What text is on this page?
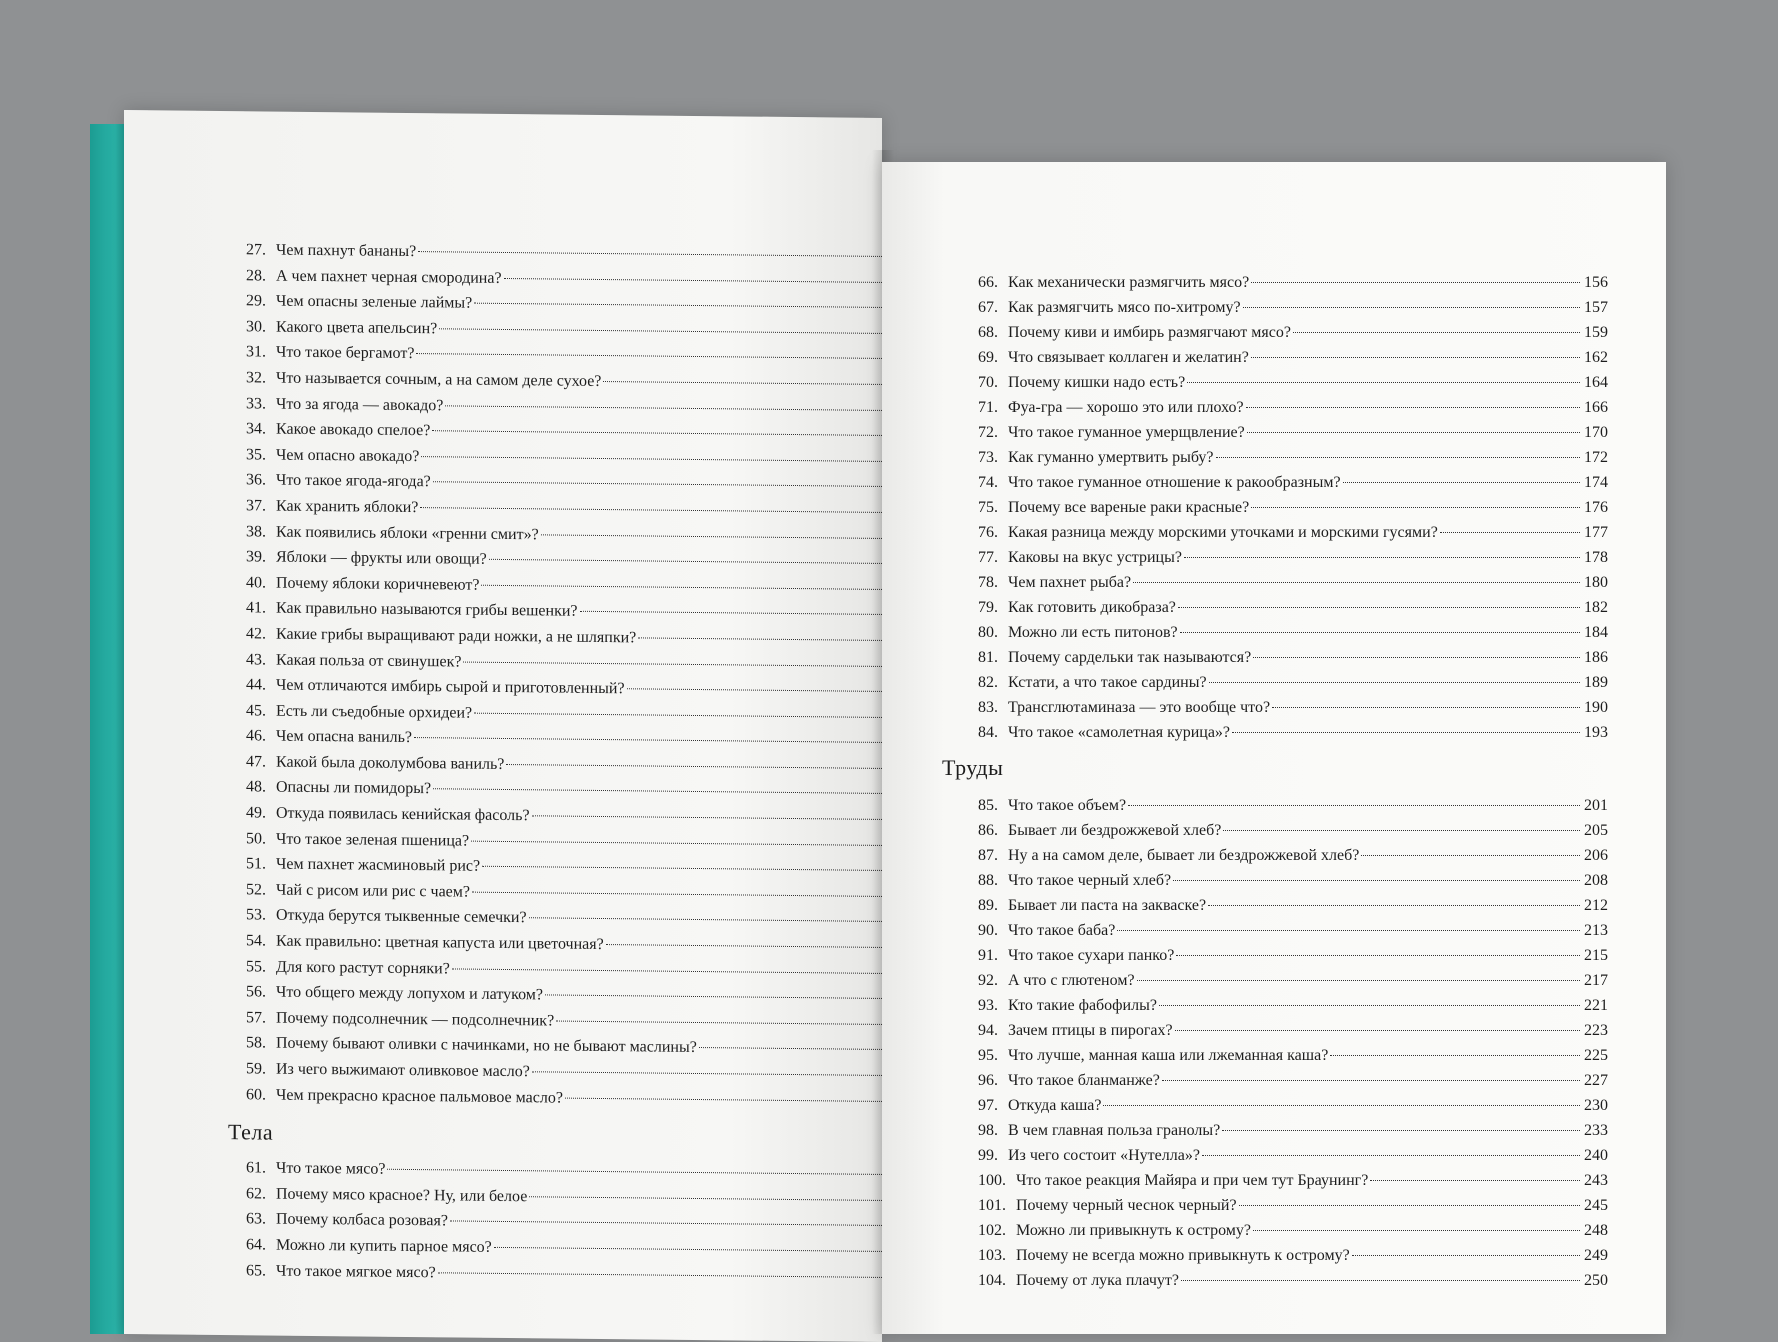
27. Чем пахнут бананы?
28. А чем пахнет черная смородина?
29. Чем опасны зеленые лаймы?
30. Какого цвета апельсин?
31. Что такое бергамот?
32. Что называется сочным, а на самом деле сухое?
33. Что за ягода — авокадо?
34. Какое авокадо спелое?
35. Чем опасно авокадо?
36. Что такое ягода-ягода?
37. Как хранить яблоки?
38. Как появились яблоки «гренни смит»?
39. Яблоки — фрукты или овощи?
40. Почему яблоки коричневеют?
41. Как правильно называются грибы вешенки?
42. Какие грибы выращивают ради ножки, а не шляпки?
43. Какая польза от свинушек?
44. Чем отличаются имбирь сырой и приготовленный?
45. Есть ли съедобные орхидеи?
46. Чем опасна ваниль?
47. Какой была доколумбова ваниль?
48. Опасны ли помидоры?
49. Откуда появилась кенийская фасоль?
50. Что такое зеленая пшеница?
51. Чем пахнет жасминовый рис?
52. Чай с рисом или рис с чаем?
53. Откуда берутся тыквенные семечки?
54. Как правильно: цветная капуста или цветочная?
55. Для кого растут сорняки?
56. Что общего между лопухом и латуком?
57. Почему подсолнечник — подсолнечник?
58. Почему бывают оливки с начинками, но не бывают маслины?
59. Из чего выжимают оливковое масло?
60. Чем прекрасно красное пальмовое масло?
Тела
61. Что такое мясо?
62. Почему мясо красное? Ну, или белое
63. Почему колбаса розовая?
64. Можно ли купить парное мясо?
65. Что такое мягкое мясо?
66. Как механически размягчить мясо?	156
67. Как размягчить мясо по-хитрому?	157
68. Почему киви и имбирь размягчают мясо?	159
69. Что связывает коллаген и желатин?	162
70. Почему кишки надо есть?	164
71. Фуа-гра — хорошо это или плохо?	166
72. Что такое гуманное умерщвление?	170
73. Как гуманно умертвить рыбу?	172
74. Что такое гуманное отношение к ракообразным?	174
75. Почему все вареные раки красные?	176
76. Какая разница между морскими уточками и морскими гусями?	177
77. Каковы на вкус устрицы?	178
78. Чем пахнет рыба?	180
79. Как готовить дикобраза?	182
80. Можно ли есть питонов?	184
81. Почему сардельки так называются?	186
82. Кстати, а что такое сардины?	189
83. Трансглютаминаза — это вообще что?	190
84. Что такое «самолетная курица»?	193
Труды
85. Что такое объем?	201
86. Бывает ли бездрожжевой хлеб?	205
87. Ну а на самом деле, бывает ли бездрожжевой хлеб?	206
88. Что такое черный хлеб?	208
89. Бывает ли паста на закваске?	212
90. Что такое баба?	213
91. Что такое сухари панко?	215
92. А что с глютеном?	217
93. Кто такие фабофилы?	221
94. Зачем птицы в пирогах?	223
95. Что лучше, манная каша или лжеманная каша?	225
96. Что такое бланманже?	227
97. Откуда каша?	230
98. В чем главная польза гранолы?	233
99. Из чего состоит «Нутелла»?	240
100. Что такое реакция Майяра и при чем тут Браунинг?	243
101. Почему черный чеснок черный?	245
102. Можно ли привыкнуть к острому?	248
103. Почему не всегда можно привыкнуть к острому?	249
104. Почему от лука плачут?	250
